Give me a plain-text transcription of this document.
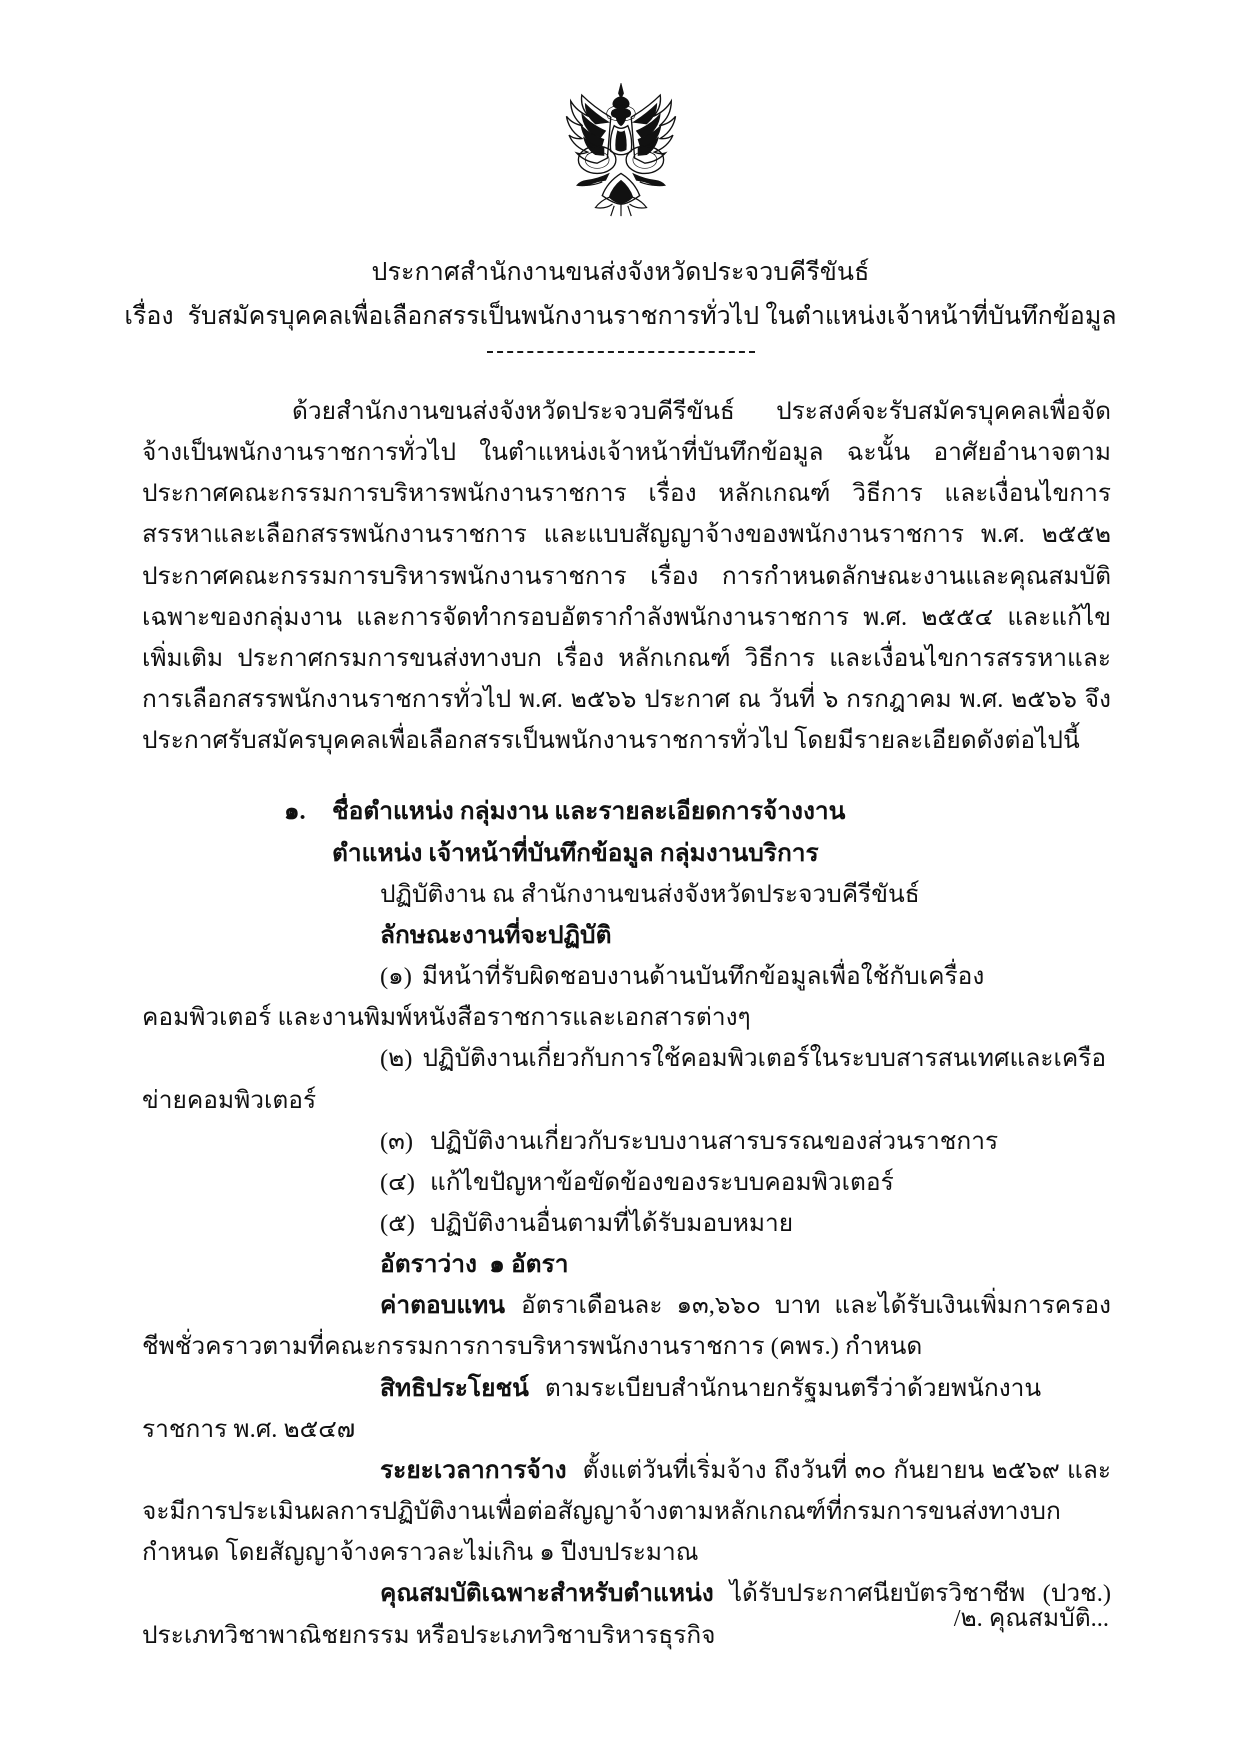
ประกาศสำนักงานขนส่งจังหวัดประจวบคีรีขันธ์
เรื่อง รับสมัครบุคคลเพื่อเลือกสรรเป็นพนักงานราชการทั่วไป ในตำแหน่งเจ้าหน้าที่บันทึกข้อมูล

ด้วยสำนักงานขนส่งจังหวัดประจวบคีรีขันธ์ ประสงค์จะรับสมัครบุคคลเพื่อจัดจ้างเป็นพนักงานราชการทั่วไป ในตำแหน่งเจ้าหน้าที่บันทึกข้อมูล ฉะนั้น อาศัยอำนาจตามประกาศคณะกรรมการบริหารพนักงานราชการ เรื่อง หลักเกณฑ์ วิธีการ และเงื่อนไขการสรรหาและเลือกสรรพนักงานราชการ และแบบสัญญาจ้างของพนักงานราชการ พ.ศ. ๒๕๕๒ ประกาศคณะกรรมการบริหารพนักงานราชการ เรื่อง การกำหนดลักษณะงานและคุณสมบัติเฉพาะของกลุ่มงาน และการจัดทำกรอบอัตรากำลังพนักงานราชการ พ.ศ. ๒๕๕๔ และแก้ไขเพิ่มเติม ประกาศกรมการขนส่งทางบก เรื่อง หลักเกณฑ์ วิธีการ และเงื่อนไขการสรรหาและการเลือกสรรพนักงานราชการทั่วไป พ.ศ. ๒๕๖๖ ประกาศ ณ วันที่ ๖ กรกฎาคม พ.ศ. ๒๕๖๖ จึงประกาศรับสมัครบุคคลเพื่อเลือกสรรเป็นพนักงานราชการทั่วไป โดยมีรายละเอียดดังต่อไปนี้

๑.	ชื่อตำแหน่ง กลุ่มงาน และรายละเอียดการจ้างงาน
ตำแหน่ง เจ้าหน้าที่บันทึกข้อมูล กลุ่มงานบริการ
ปฏิบัติงาน ณ สำนักงานขนส่งจังหวัดประจวบคีรีขันธ์
ลักษณะงานที่จะปฏิบัติ

(๑) มีหน้าที่รับผิดชอบงานด้านบันทึกข้อมูลเพื่อใช้กับเครื่องคอมพิวเตอร์ และงานพิมพ์หนังสือราชการและเอกสารต่างๆ

(๒) ปฏิบัติงานเกี่ยวกับการใช้คอมพิวเตอร์ในระบบสารสนเทศและเครือข่ายคอมพิวเตอร์

(๓) ปฏิบัติงานเกี่ยวกับระบบงานสารบรรณของส่วนราชการ
(๔) แก้ไขปัญหาข้อขัดข้องของระบบคอมพิวเตอร์
(๕) ปฏิบัติงานอื่นตามที่ได้รับมอบหมาย
อัตราว่าง ๑ อัตรา

ค่าตอบแทน อัตราเดือนละ ๑๓,๖๖๐ บาท และได้รับเงินเพิ่มการครองชีพชั่วคราวตามที่คณะกรรมการการบริหารพนักงานราชการ (คพร.) กำหนด

สิทธิประโยชน์ ตามระเบียบสำนักนายกรัฐมนตรีว่าด้วยพนักงานราชการ พ.ศ. ๒๕๔๗

ระยะเวลาการจ้าง ตั้งแต่วันที่เริ่มจ้าง ถึงวันที่ ๓๐ กันยายน ๒๕๖๙ และจะมีการประเมินผลการปฏิบัติงานเพื่อต่อสัญญาจ้างตามหลักเกณฑ์ที่กรมการขนส่งทางบกกำหนด โดยสัญญาจ้างคราวละไม่เกิน ๑ ปีงบประมาณ

คุณสมบัติเฉพาะสำหรับตำแหน่ง ได้รับประกาศนียบัตรวิชาชีพ (ปวช.) ประเภทวิชาพาณิชยกรรม หรือประเภทวิชาบริหารธุรกิจ

/๒. คุณสมบัติ...
